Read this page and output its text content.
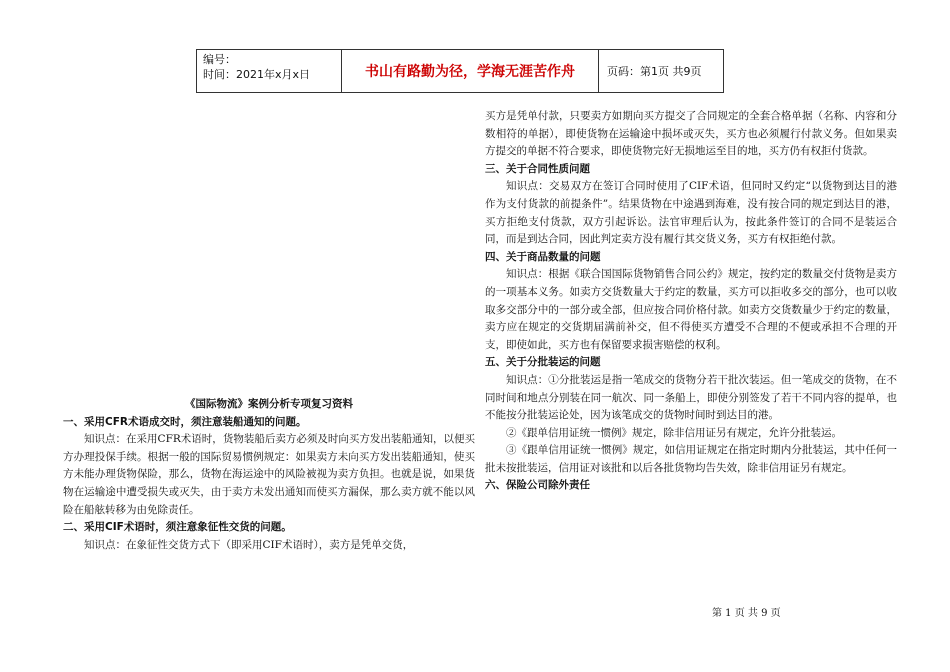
编号：
时间：2021年x月x日	书山有路勤为径，学海无涯苦作舟	页码：第1页 共9页

《国际物流》案例分析专项复习资料

一、采用CFR术语成交时，须注意装船通知的问题。

知识点：在采用CFR术语时，货物装船后卖方必须及时向买方发出装船通知，以便买方办理投保手续。根据一般的国际贸易惯例规定：如果卖方未向买方发出装船通知，使买方未能办理货物保险，那么，货物在海运途中的风险被视为卖方负担。也就是说，如果货物在运输途中遭受损失或灭失，由于卖方未发出通知而使买方漏保，那么卖方就不能以风险在船舷转移为由免除责任。

二、采用CIF术语时，须注意象征性交货的问题。

知识点：在象征性交货方式下（即采用CIF术语时），卖方是凭单交货，

买方是凭单付款，只要卖方如期向买方提交了合同规定的全套合格单据（名称、内容和分数相符的单据），即使货物在运输途中损坏或灭失，买方也必须履行付款义务。但如果卖方提交的单据不符合要求，即使货物完好无损地运至目的地，买方仍有权拒付货款。

三、关于合同性质问题

知识点：交易双方在签订合同时使用了CIF术语，但同时又约定“以货物到达目的港作为支付货款的前提条件”。结果货物在中途遇到海难，没有按合同的规定到达目的港，买方拒绝支付货款，双方引起诉讼。法官审理后认为，按此条件签订的合同不是装运合同，而是到达合同，因此判定卖方没有履行其交货义务，买方有权拒绝付款。

四、关于商品数量的问题

知识点：根据《联合国国际货物销售合同公约》规定，按约定的数量交付货物是卖方的一项基本义务。如卖方交货数量大于约定的数量，买方可以拒收多交的部分，也可以收取多交部分中的一部分或全部，但应按合同价格付款。如卖方交货数量少于约定的数量，卖方应在规定的交货期届满前补交，但不得使买方遭受不合理的不便或承担不合理的开支，即使如此，买方也有保留要求损害赔偿的权利。

五、关于分批装运的问题

知识点：①分批装运是指一笔成交的货物分若干批次装运。但一笔成交的货物，在不同时间和地点分别装在同一航次、同一条船上，即使分别签发了若干不同内容的提单，也不能按分批装运论处，因为该笔成交的货物时间时到达目的港。

②《跟单信用证统一惯例》规定，除非信用证另有规定，允许分批装运。

③《跟单信用证统一惯例》规定，如信用证规定在指定时期内分批装运，其中任何一批未按批装运，信用证对该批和以后各批货物均告失效，除非信用证另有规定。

六、保险公司除外责任

第 1 页 共 9 页
